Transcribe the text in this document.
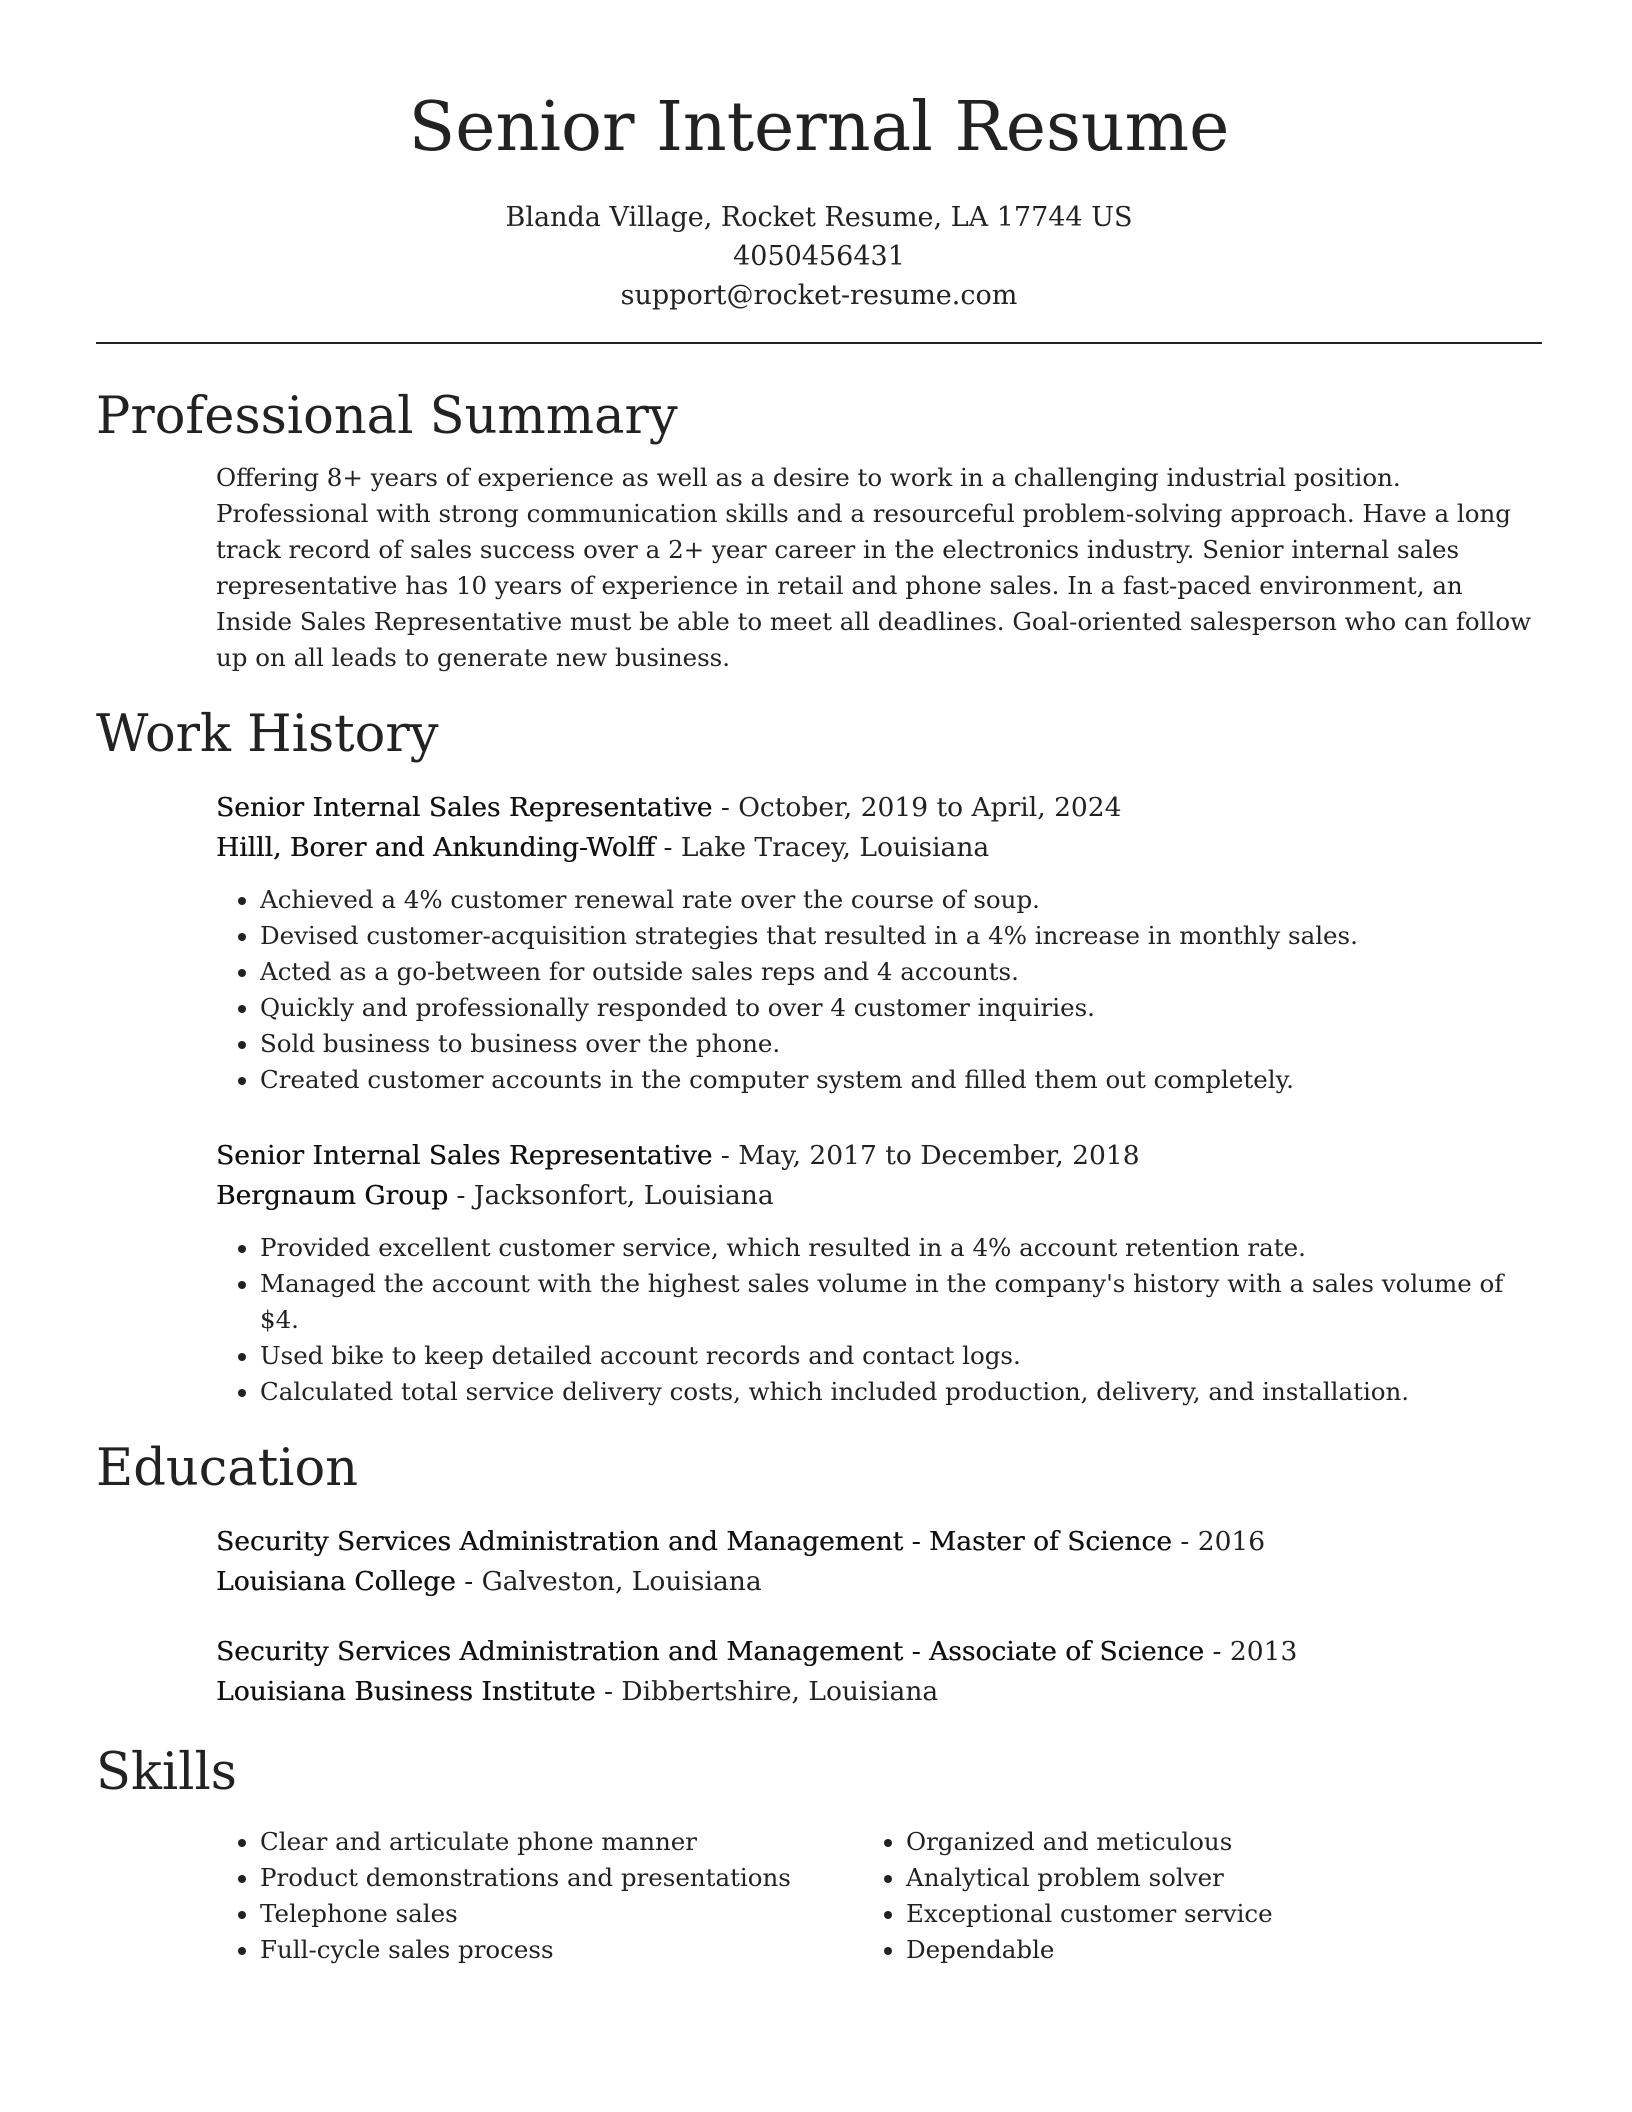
Senior Internal Resume
Blanda Village, Rocket Resume, LA 17744 US
4050456431
support@rocket-resume.com
Professional Summary
Offering 8+ years of experience as well as a desire to work in a challenging industrial position. Professional with strong communication skills and a resourceful problem-solving approach. Have a long track record of sales success over a 2+ year career in the electronics industry. Senior internal sales representative has 10 years of experience in retail and phone sales. In a fast-paced environment, an Inside Sales Representative must be able to meet all deadlines. Goal-oriented salesperson who can follow up on all leads to generate new business.
Work History
Senior Internal Sales Representative - October, 2019 to April, 2024
Hilll, Borer and Ankunding-Wolff - Lake Tracey, Louisiana
• Achieved a 4% customer renewal rate over the course of soup.
• Devised customer-acquisition strategies that resulted in a 4% increase in monthly sales.
• Acted as a go-between for outside sales reps and 4 accounts.
• Quickly and professionally responded to over 4 customer inquiries.
• Sold business to business over the phone.
• Created customer accounts in the computer system and filled them out completely.
Senior Internal Sales Representative - May, 2017 to December, 2018
Bergnaum Group - Jacksonfort, Louisiana
• Provided excellent customer service, which resulted in a 4% account retention rate.
• Managed the account with the highest sales volume in the company's history with a sales volume of $4.
• Used bike to keep detailed account records and contact logs.
• Calculated total service delivery costs, which included production, delivery, and installation.
Education
Security Services Administration and Management - Master of Science - 2016
Louisiana College - Galveston, Louisiana
Security Services Administration and Management - Associate of Science - 2013
Louisiana Business Institute - Dibbertshire, Louisiana
Skills
• Clear and articulate phone manner
• Product demonstrations and presentations
• Telephone sales
• Full-cycle sales process
• Organized and meticulous
• Analytical problem solver
• Exceptional customer service
• Dependable
